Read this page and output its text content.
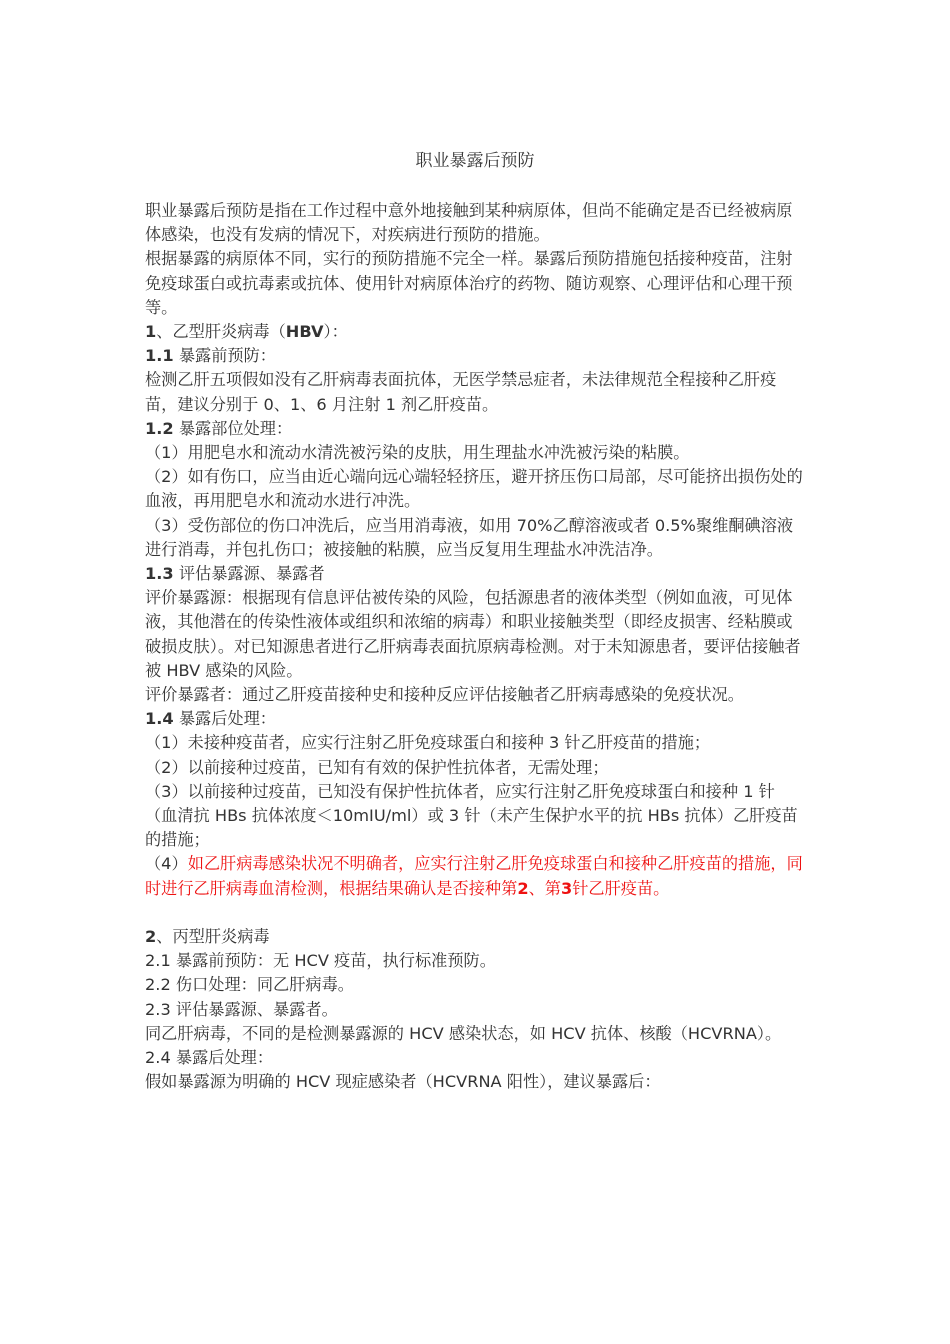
职业暴露后预防

职业暴露后预防是指在工作过程中意外地接触到某种病原体，但尚不能确定是否已经被病原体感染，也没有发病的情况下，对疾病进行预防的措施。

根据暴露的病原体不同，实行的预防措施不完全一样。暴露后预防措施包括接种疫苗，注射免疫球蛋白或抗毒素或抗体、使用针对病原体治疗的药物、随访观察、心理评估和心理干预等。

1、乙型肝炎病毒（HBV）：

1.1 暴露前预防：

检测乙肝五项假如没有乙肝病毒表面抗体，无医学禁忌症者，未法律规范全程接种乙肝疫苗，建议分别于 0、1、6 月注射 1 剂乙肝疫苗。

1.2 暴露部位处理：

（1）用肥皂水和流动水清洗被污染的皮肤，用生理盐水冲洗被污染的粘膜。

（2）如有伤口，应当由近心端向远心端轻轻挤压，避开挤压伤口局部，尽可能挤出损伤处的血液，再用肥皂水和流动水进行冲洗。

（3）受伤部位的伤口冲洗后，应当用消毒液，如用 70%乙醇溶液或者 0.5%聚维酮碘溶液进行消毒，并包扎伤口；被接触的粘膜，应当反复用生理盐水冲洗洁净。

1.3 评估暴露源、暴露者

评价暴露源：根据现有信息评估被传染的风险，包括源患者的液体类型（例如血液，可见体液，其他潜在的传染性液体或组织和浓缩的病毒）和职业接触类型（即经皮损害、经粘膜或破损皮肤）。对已知源患者进行乙肝病毒表面抗原病毒检测。对于未知源患者，要评估接触者被 HBV 感染的风险。

评价暴露者：通过乙肝疫苗接种史和接种反应评估接触者乙肝病毒感染的免疫状况。

1.4 暴露后处理：

（1）未接种疫苗者，应实行注射乙肝免疫球蛋白和接种 3 针乙肝疫苗的措施；

（2）以前接种过疫苗，已知有有效的保护性抗体者，无需处理；

（3）以前接种过疫苗，已知没有保护性抗体者，应实行注射乙肝免疫球蛋白和接种 1 针（血清抗 HBs 抗体浓度＜10mIU/ml）或 3 针（未产生保护水平的抗 HBs 抗体）乙肝疫苗的措施；

（4）如乙肝病毒感染状况不明确者，应实行注射乙肝免疫球蛋白和接种乙肝疫苗的措施，同时进行乙肝病毒血清检测，根据结果确认是否接种第2、第3针乙肝疫苗。

2、丙型肝炎病毒

2.1 暴露前预防：无 HCV 疫苗，执行标准预防。

2.2 伤口处理：同乙肝病毒。

2.3 评估暴露源、暴露者。

同乙肝病毒，不同的是检测暴露源的 HCV 感染状态，如 HCV 抗体、核酸（HCVRNA）。

2.4 暴露后处理：

假如暴露源为明确的 HCV 现症感染者（HCVRNA 阳性），建议暴露后：
